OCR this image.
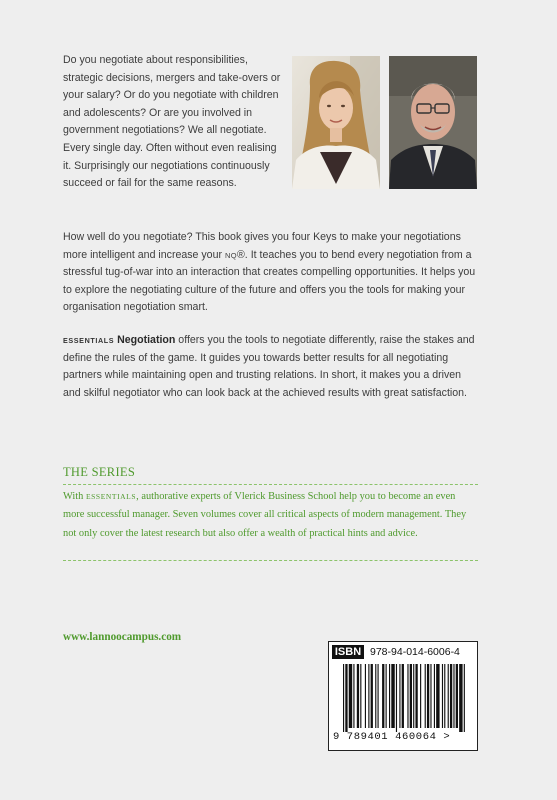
Do you negotiate about responsibilities, strategic decisions, mergers and take-overs or your salary? Or do you negotiate with children and adolescents? Or are you involved in government negotiations? We all negotiate. Every single day. Often without even realising it. Surprisingly our negotiations continuously succeed or fail for the same reasons.
How well do you negotiate? This book gives you four Keys to make your negotiations more intelligent and increase your NQ®. It teaches you to bend every negotiation from a stressful tug-of-war into an interaction that creates compelling opportunities. It helps you to explore the negotiating culture of the future and offers you the tools for making your organisation negotiation smart.
ESSENTIALS Negotiation offers you the tools to negotiate differently, raise the stakes and define the rules of the game. It guides you towards better results for all negotiating partners while maintaining open and trusting relations. In short, it makes you a driven and skilful negotiator who can look back at the achieved results with great satisfaction.
THE SERIES
With ESSENTIALS, authorative experts of Vlerick Business School help you to become an even more successful manager. Seven volumes cover all critical aspects of modern management. They not only cover the latest research but also offer a wealth of practical hints and advice.
www.lannoocampus.com
ISBN 978-94-014-6006-4
9 789401 460064 >
